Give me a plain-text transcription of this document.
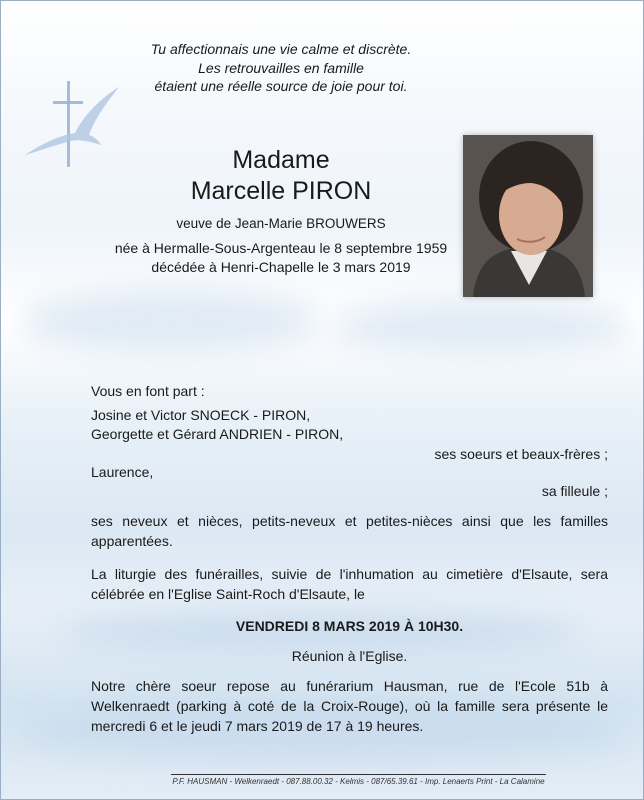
Tu affectionnais une vie calme et discrète.
Les retrouvailles en famille
étaient une réelle source de joie pour toi.
Madame
Marcelle PIRON
veuve de Jean-Marie BROUWERS
née à Hermalle-Sous-Argenteau le 8 septembre 1959
décédée à Henri-Chapelle le 3 mars 2019
Vous en font part :
Josine et Victor SNOECK - PIRON,
Georgette et Gérard ANDRIEN - PIRON,
ses soeurs et beaux-frères ;
Laurence,
sa filleule ;
ses neveux et nièces, petits-neveux et petites-nièces ainsi que les familles apparentées.
La liturgie des funérailles, suivie de l'inhumation au cimetière d'Elsaute, sera célébrée en l'Eglise Saint-Roch d'Elsaute, le
VENDREDI 8 MARS 2019 À 10H30.
Réunion à l'Eglise.
Notre chère soeur repose au funérarium Hausman, rue de l'Ecole 51b à Welkenraedt (parking à coté de la Croix-Rouge), où la famille sera présente le mercredi 6 et le jeudi 7 mars 2019 de 17 à 19 heures.
P.F. HAUSMAN - Welkenraedt - 087.88.00.32 - Kelmis - 087/65.39.61 - Imp. Lenaerts Print - La Calamine
